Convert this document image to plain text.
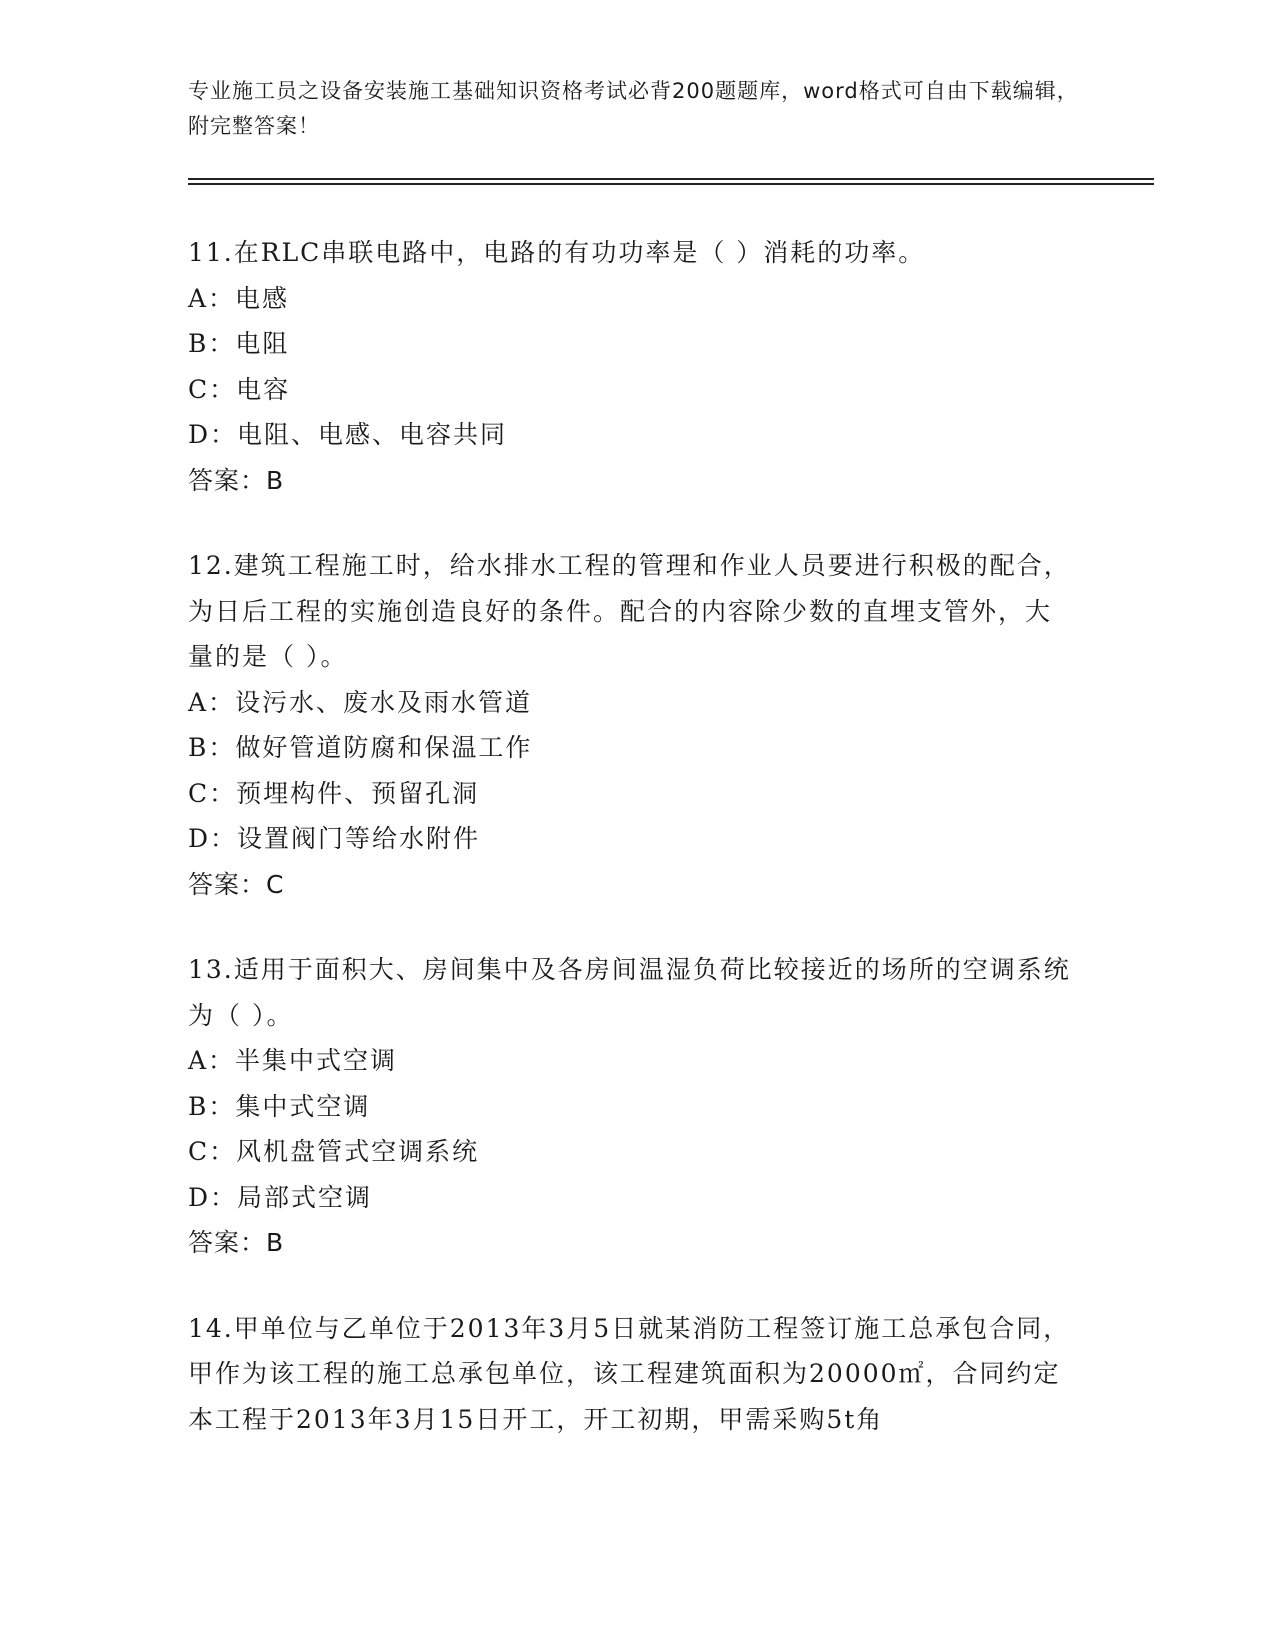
专业施工员之设备安装施工基础知识资格考试必背200题题库，word格式可自由下载编辑，附完整答案！

11.在RLC串联电路中，电路的有功功率是（ ）消耗的功率。

A：电感

B：电阻

C：电容

D：电阻、电感、电容共同

答案：B

12.建筑工程施工时，给水排水工程的管理和作业人员要进行积极的配合，为日后工程的实施创造良好的条件。配合的内容除少数的直埋支管外，大量的是（ ）。

A：设污水、废水及雨水管道

B：做好管道防腐和保温工作

C：预埋构件、预留孔洞

D：设置阀门等给水附件

答案：C

13.适用于面积大、房间集中及各房间温湿负荷比较接近的场所的空调系统为（ ）。

A：半集中式空调

B：集中式空调

C：风机盘管式空调系统

D：局部式空调

答案：B

14.甲单位与乙单位于2013年3月5日就某消防工程签订施工总承包合同，甲作为该工程的施工总承包单位，该工程建筑面积为20000㎡，合同约定本工程于2013年3月15日开工，开工初期，甲需采购5t角
